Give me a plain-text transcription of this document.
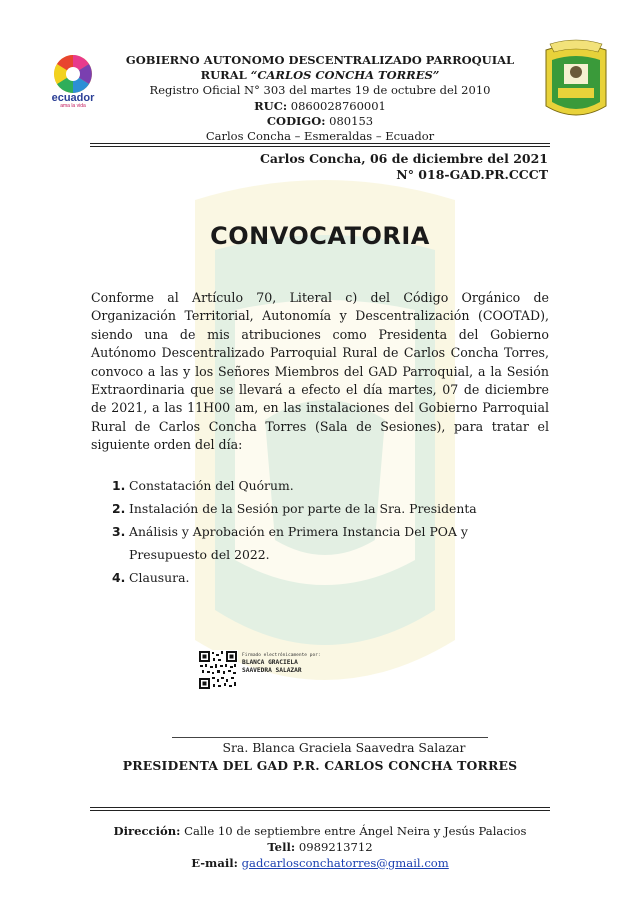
ecuador
ama la vida
GOBIERNO AUTONOMO DESCENTRALIZADO PARROQUIAL
RURAL “CARLOS CONCHA TORRES”
Registro Oficial N° 303 del martes 19 de octubre del 2010
RUC: 0860028760001
CODIGO: 080153
Carlos Concha – Esmeraldas – Ecuador
Carlos Concha, 06 de diciembre del 2021
N° 018-GAD.PR.CCCT
CONVOCATORIA

Conforme al Artículo 70, Literal c) del Código Orgánico de Organización Territorial, Autonomía y Descentralización (COOTAD), siendo una de mis atribuciones como Presidenta del Gobierno Autónomo Descentralizado Parroquial Rural de Carlos Concha Torres, convoco a las y los Señores Miembros del GAD Parroquial, a la Sesión Extraordinaria que se llevará a efecto el día martes, 07 de diciembre de 2021, a las 11H00 am, en las instalaciones del Gobierno Parroquial Rural de Carlos Concha Torres (Sala de Sesiones), para tratar el siguiente orden del día:

1. Constatación del Quórum.
2. Instalación de la Sesión por parte de la Sra. Presidenta
3. Análisis y Aprobación en Primera Instancia Del POA y
Presupuesto del 2022.
4. Clausura.
Firmado electrónicamente por:
BLANCA GRACIELA
SAAVEDRA SALAZAR
Sra. Blanca Graciela Saavedra Salazar
PRESIDENTA DEL GAD P.R. CARLOS CONCHA TORRES
Dirección: Calle 10 de septiembre entre Ángel Neira y Jesús Palacios
Tell: 0989213712
E-mail: gadcarlosconchatorres@gmail.com
